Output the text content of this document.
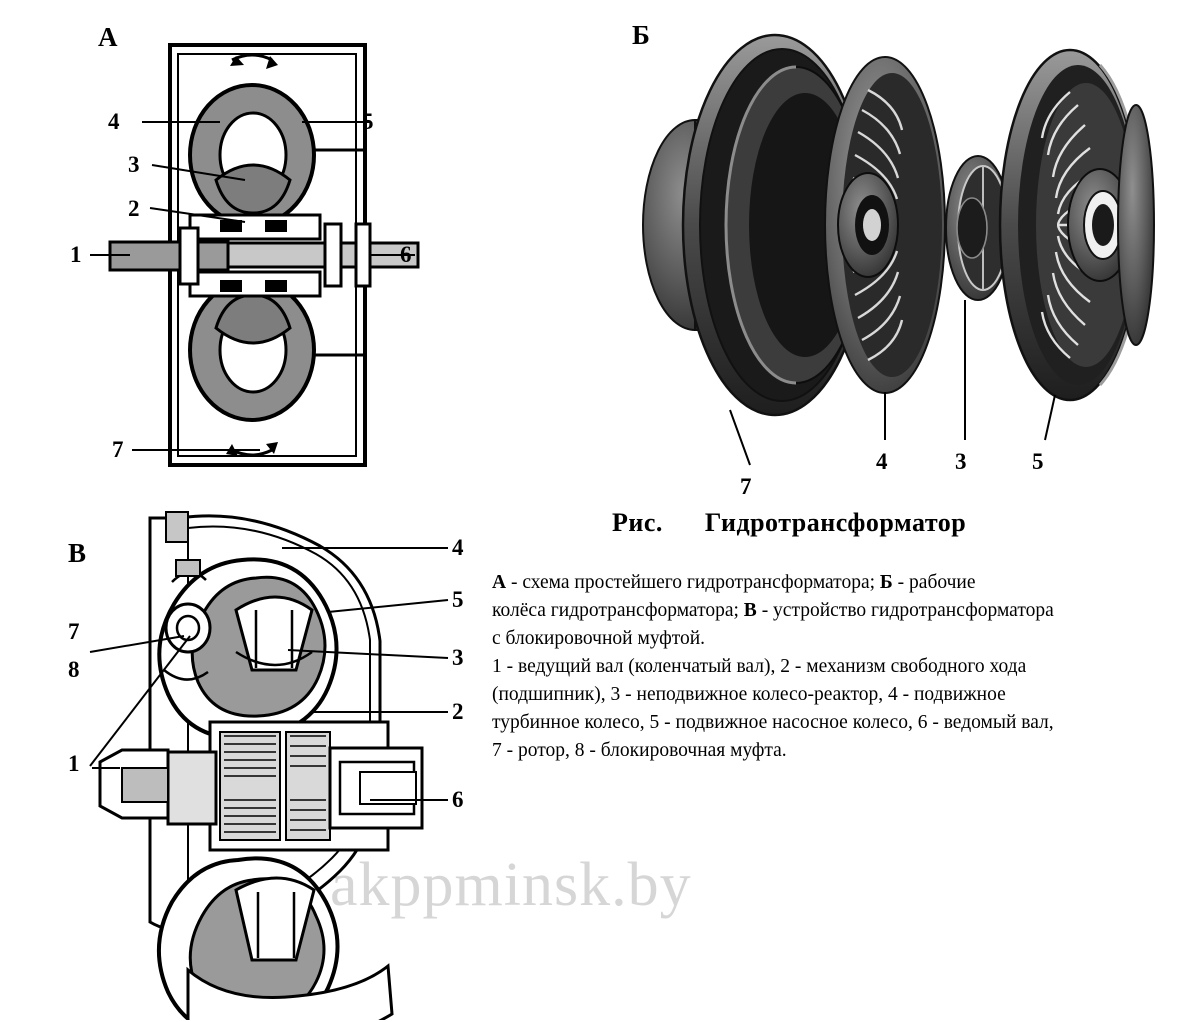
А
4	5
3
2
1	6
7
Б
4	3	5
7
Рис. Гидротрансформатор

А - схема простейшего гидротрансформатора; Б - рабочие

колёса гидротрансформатора; В - устройство гидротрансформатора

с блокировочной муфтой.

1 - ведущий вал (коленчатый вал), 2 - механизм свободного хода

(подшипник), 3 - неподвижное колесо-реактор, 4 - подвижное

турбинное колесо, 5 - подвижное насосное колесо, 6 - ведомый вал,

7 - ротор, 8 - блокировочная муфта.

В	4
5
3
2
6
7
8
1
akppminsk.by
